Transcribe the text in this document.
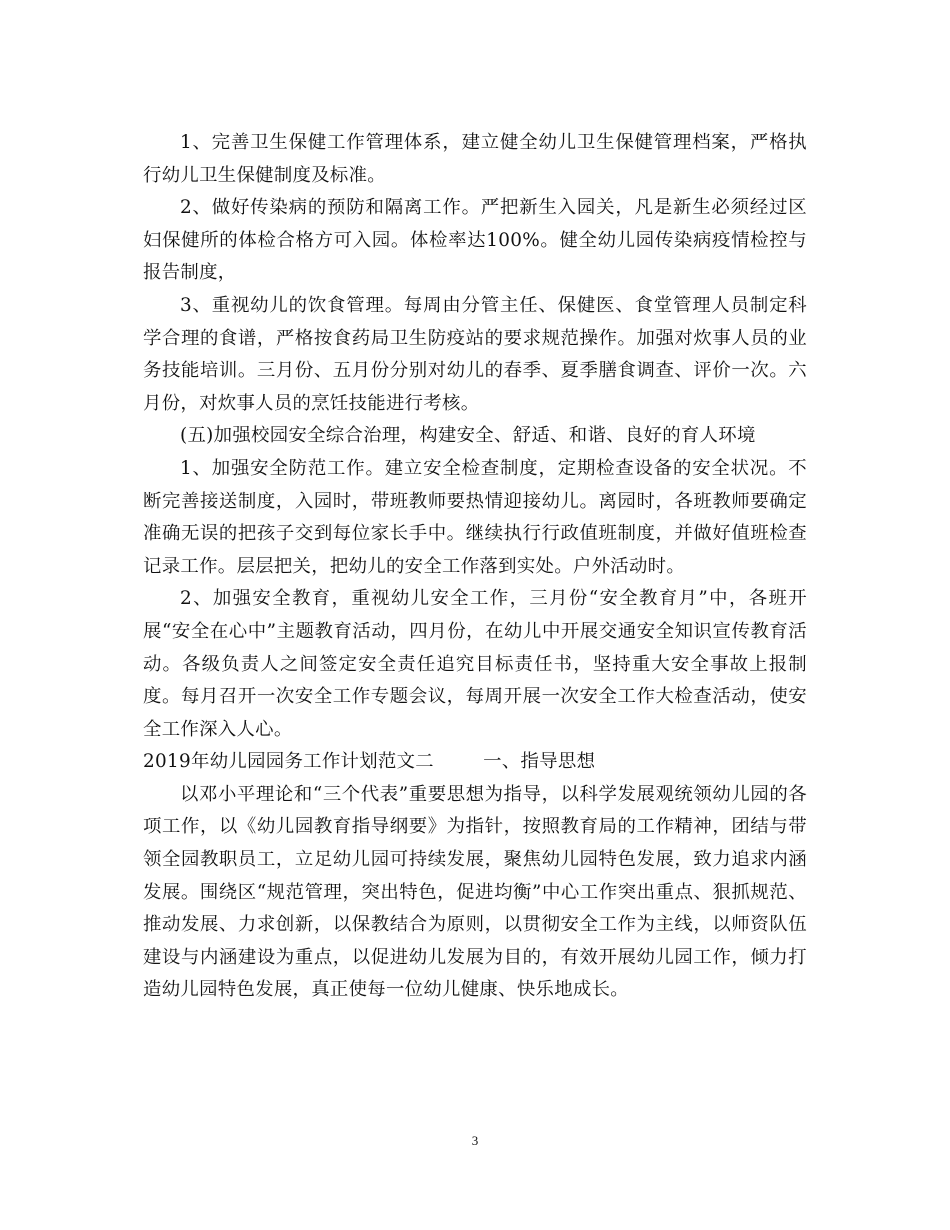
1、完善卫生保健工作管理体系，建立健全幼儿卫生保健管理档案，严格执行幼儿卫生保健制度及标准。

2、做好传染病的预防和隔离工作。严把新生入园关，凡是新生必须经过区妇保健所的体检合格方可入园。体检率达100%。健全幼儿园传染病疫情检控与报告制度，

3、重视幼儿的饮食管理。每周由分管主任、保健医、食堂管理人员制定科学合理的食谱，严格按食药局卫生防疫站的要求规范操作。加强对炊事人员的业务技能培训。三月份、五月份分别对幼儿的春季、夏季膳食调查、评价一次。六月份，对炊事人员的烹饪技能进行考核。

(五)加强校园安全综合治理，构建安全、舒适、和谐、良好的育人环境

1、加强安全防范工作。建立安全检查制度，定期检查设备的安全状况。不断完善接送制度，入园时，带班教师要热情迎接幼儿。离园时，各班教师要确定准确无误的把孩子交到每位家长手中。继续执行行政值班制度，并做好值班检查记录工作。层层把关，把幼儿的安全工作落到实处。户外活动时。

2、加强安全教育，重视幼儿安全工作，三月份“安全教育月”中，各班开展“安全在心中”主题教育活动，四月份，在幼儿中开展交通安全知识宣传教育活动。各级负责人之间签定安全责任追究目标责任书，坚持重大安全事故上报制度。每月召开一次安全工作专题会议，每周开展一次安全工作大检查活动，使安全工作深入人心。

2019年幼儿园园务工作计划范文二        一、指导思想

以邓小平理论和“三个代表”重要思想为指导，以科学发展观统领幼儿园的各项工作，以《幼儿园教育指导纲要》为指针，按照教育局的工作精神，团结与带领全园教职员工，立足幼儿园可持续发展，聚焦幼儿园特色发展，致力追求内涵发展。围绕区“规范管理，突出特色，促进均衡”中心工作突出重点、狠抓规范、推动发展、力求创新，以保教结合为原则，以贯彻安全工作为主线，以师资队伍建设与内涵建设为重点，以促进幼儿发展为目的，有效开展幼儿园工作，倾力打造幼儿园特色发展，真正使每一位幼儿健康、快乐地成长。

3
